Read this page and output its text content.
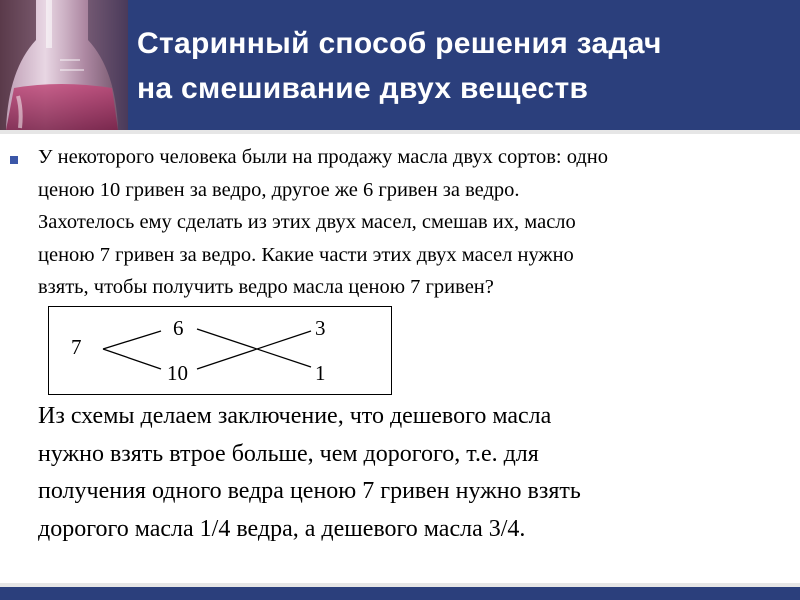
Старинный способ решения задач
на смешивание двух веществ
У некоторого человека были на продажу масла двух сортов: одно
ценою 10 гривен за ведро, другое же 6 гривен за ведро.
Захотелось ему сделать из этих двух масел, смешав их, масло
ценою 7 гривен за ведро. Какие части этих двух масел нужно
взять, чтобы получить ведро масла ценою 7 гривен?
7
6
10
3
1
Из схемы делаем заключение, что дешевого масла
нужно взять втрое больше, чем дорогого, т.е. для
получения одного ведра ценою 7 гривен нужно взять
дорогого масла 1/4 ведра, а дешевого масла 3/4.
